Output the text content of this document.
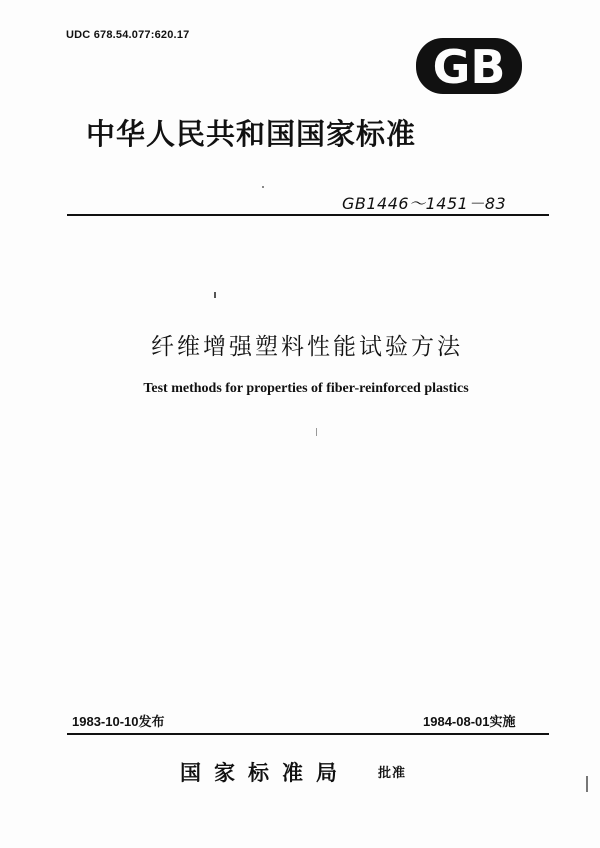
UDC 678.54.077:620.17
GB
中华人民共和国国家标准
GB1446～1451－83
纤维增强塑料性能试验方法
Test methods for properties of fiber-reinforced plastics
1983-10-10发布	1984-08-01实施
国家标准局 批准
